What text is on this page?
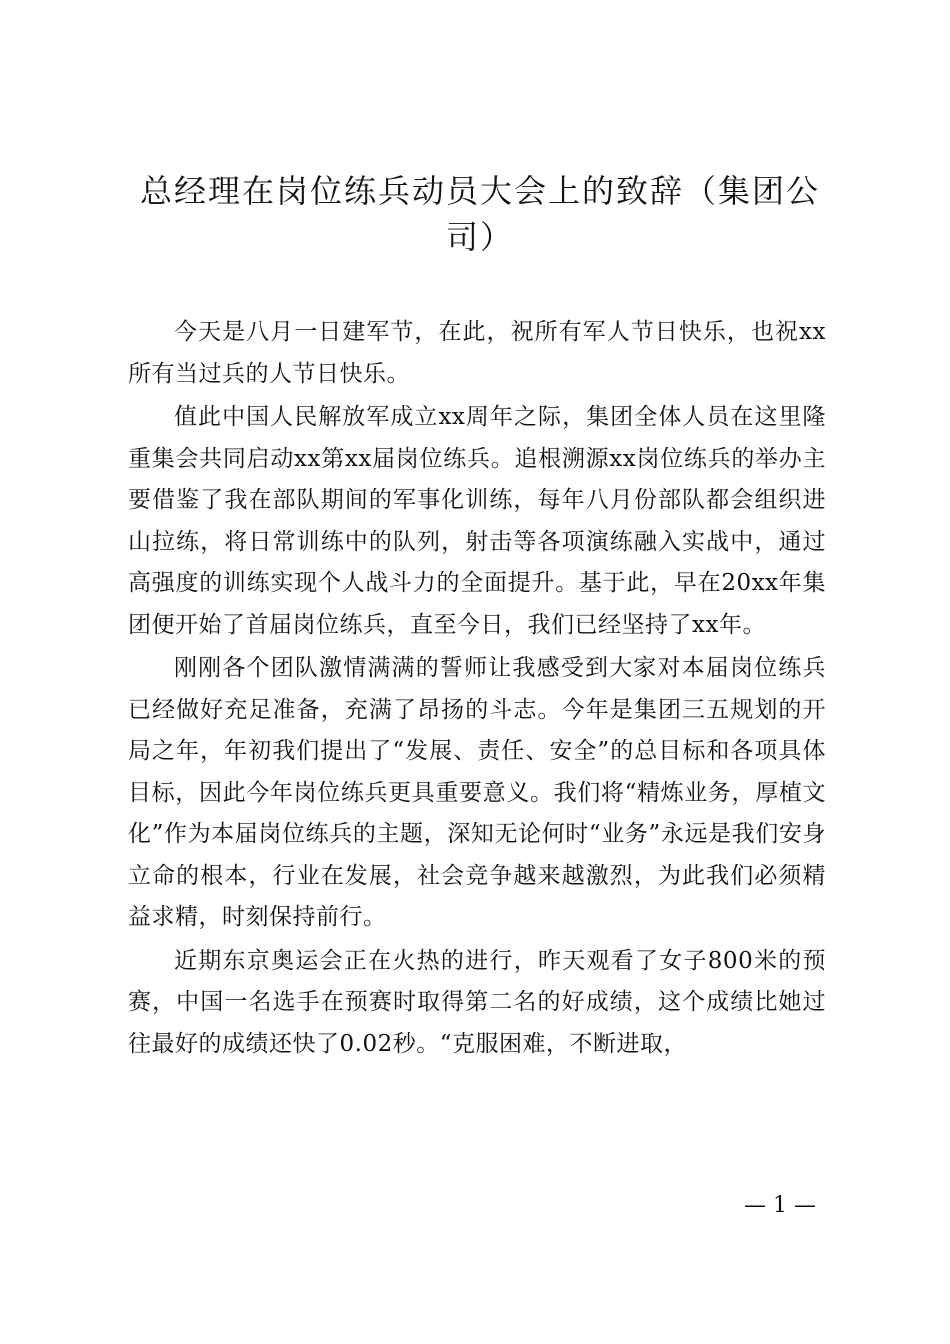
总经理在岗位练兵动员大会上的致辞（集团公司）

今天是八月一日建军节，在此，祝所有军人节日快乐，也祝xx所有当过兵的人节日快乐。

值此中国人民解放军成立xx周年之际，集团全体人员在这里隆重集会共同启动xx第xx届岗位练兵。追根溯源xx岗位练兵的举办主要借鉴了我在部队期间的军事化训练，每年八月份部队都会组织进山拉练，将日常训练中的队列，射击等各项演练融入实战中，通过高强度的训练实现个人战斗力的全面提升。基于此，早在20xx年集团便开始了首届岗位练兵，直至今日，我们已经坚持了xx年。

刚刚各个团队激情满满的誓师让我感受到大家对本届岗位练兵已经做好充足准备，充满了昂扬的斗志。今年是集团三五规划的开局之年，年初我们提出了“发展、责任、安全”的总目标和各项具体目标，因此今年岗位练兵更具重要意义。我们将“精炼业务，厚植文化”作为本届岗位练兵的主题，深知无论何时“业务”永远是我们安身立命的根本，行业在发展，社会竞争越来越激烈，为此我们必须精益求精，时刻保持前行。

近期东京奥运会正在火热的进行，昨天观看了女子800米的预赛，中国一名选手在预赛时取得第二名的好成绩，这个成绩比她过往最好的成绩还快了0.02秒。“克服困难，不断进取，

— 1 —
